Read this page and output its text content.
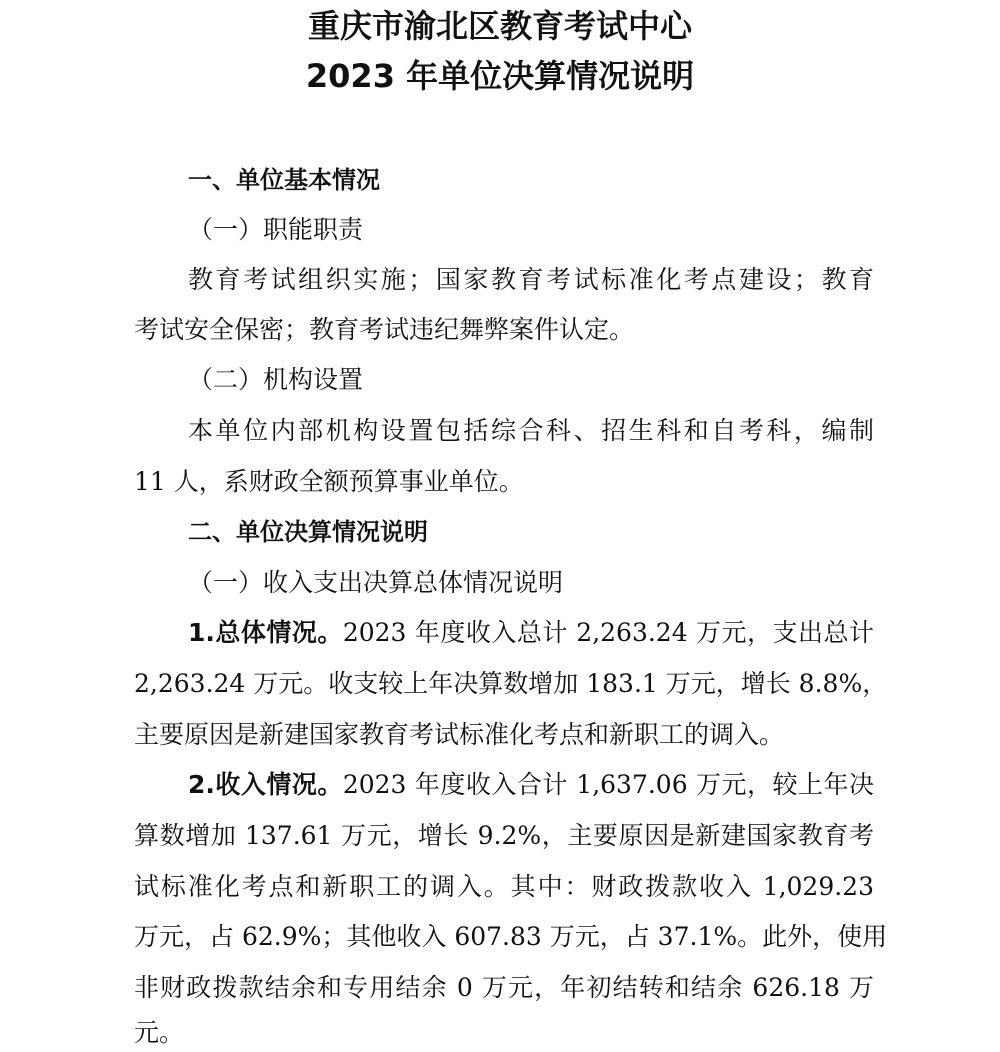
重庆市渝北区教育考试中心
2023 年单位决算情况说明
一、单位基本情况
（一）职能职责
教育考试组织实施；国家教育考试标准化考点建设；教育
考试安全保密；教育考试违纪舞弊案件认定。
（二）机构设置
本单位内部机构设置包括综合科、招生科和自考科，编制
11 人，系财政全额预算事业单位。
二、单位决算情况说明
（一）收入支出决算总体情况说明
1.总体情况。2023 年度收入总计 2,263.24 万元，支出总计
2,263.24 万元。收支较上年决算数增加 183.1 万元，增长 8.8%，
主要原因是新建国家教育考试标准化考点和新职工的调入。
2.收入情况。2023 年度收入合计 1,637.06 万元，较上年决
算数增加 137.61 万元，增长 9.2%，主要原因是新建国家教育考
试标准化考点和新职工的调入。其中：财政拨款收入 1,029.23
万元，占 62.9%；其他收入 607.83 万元，占 37.1%。此外，使用
非财政拨款结余和专用结余 0 万元，年初结转和结余 626.18 万
元。
